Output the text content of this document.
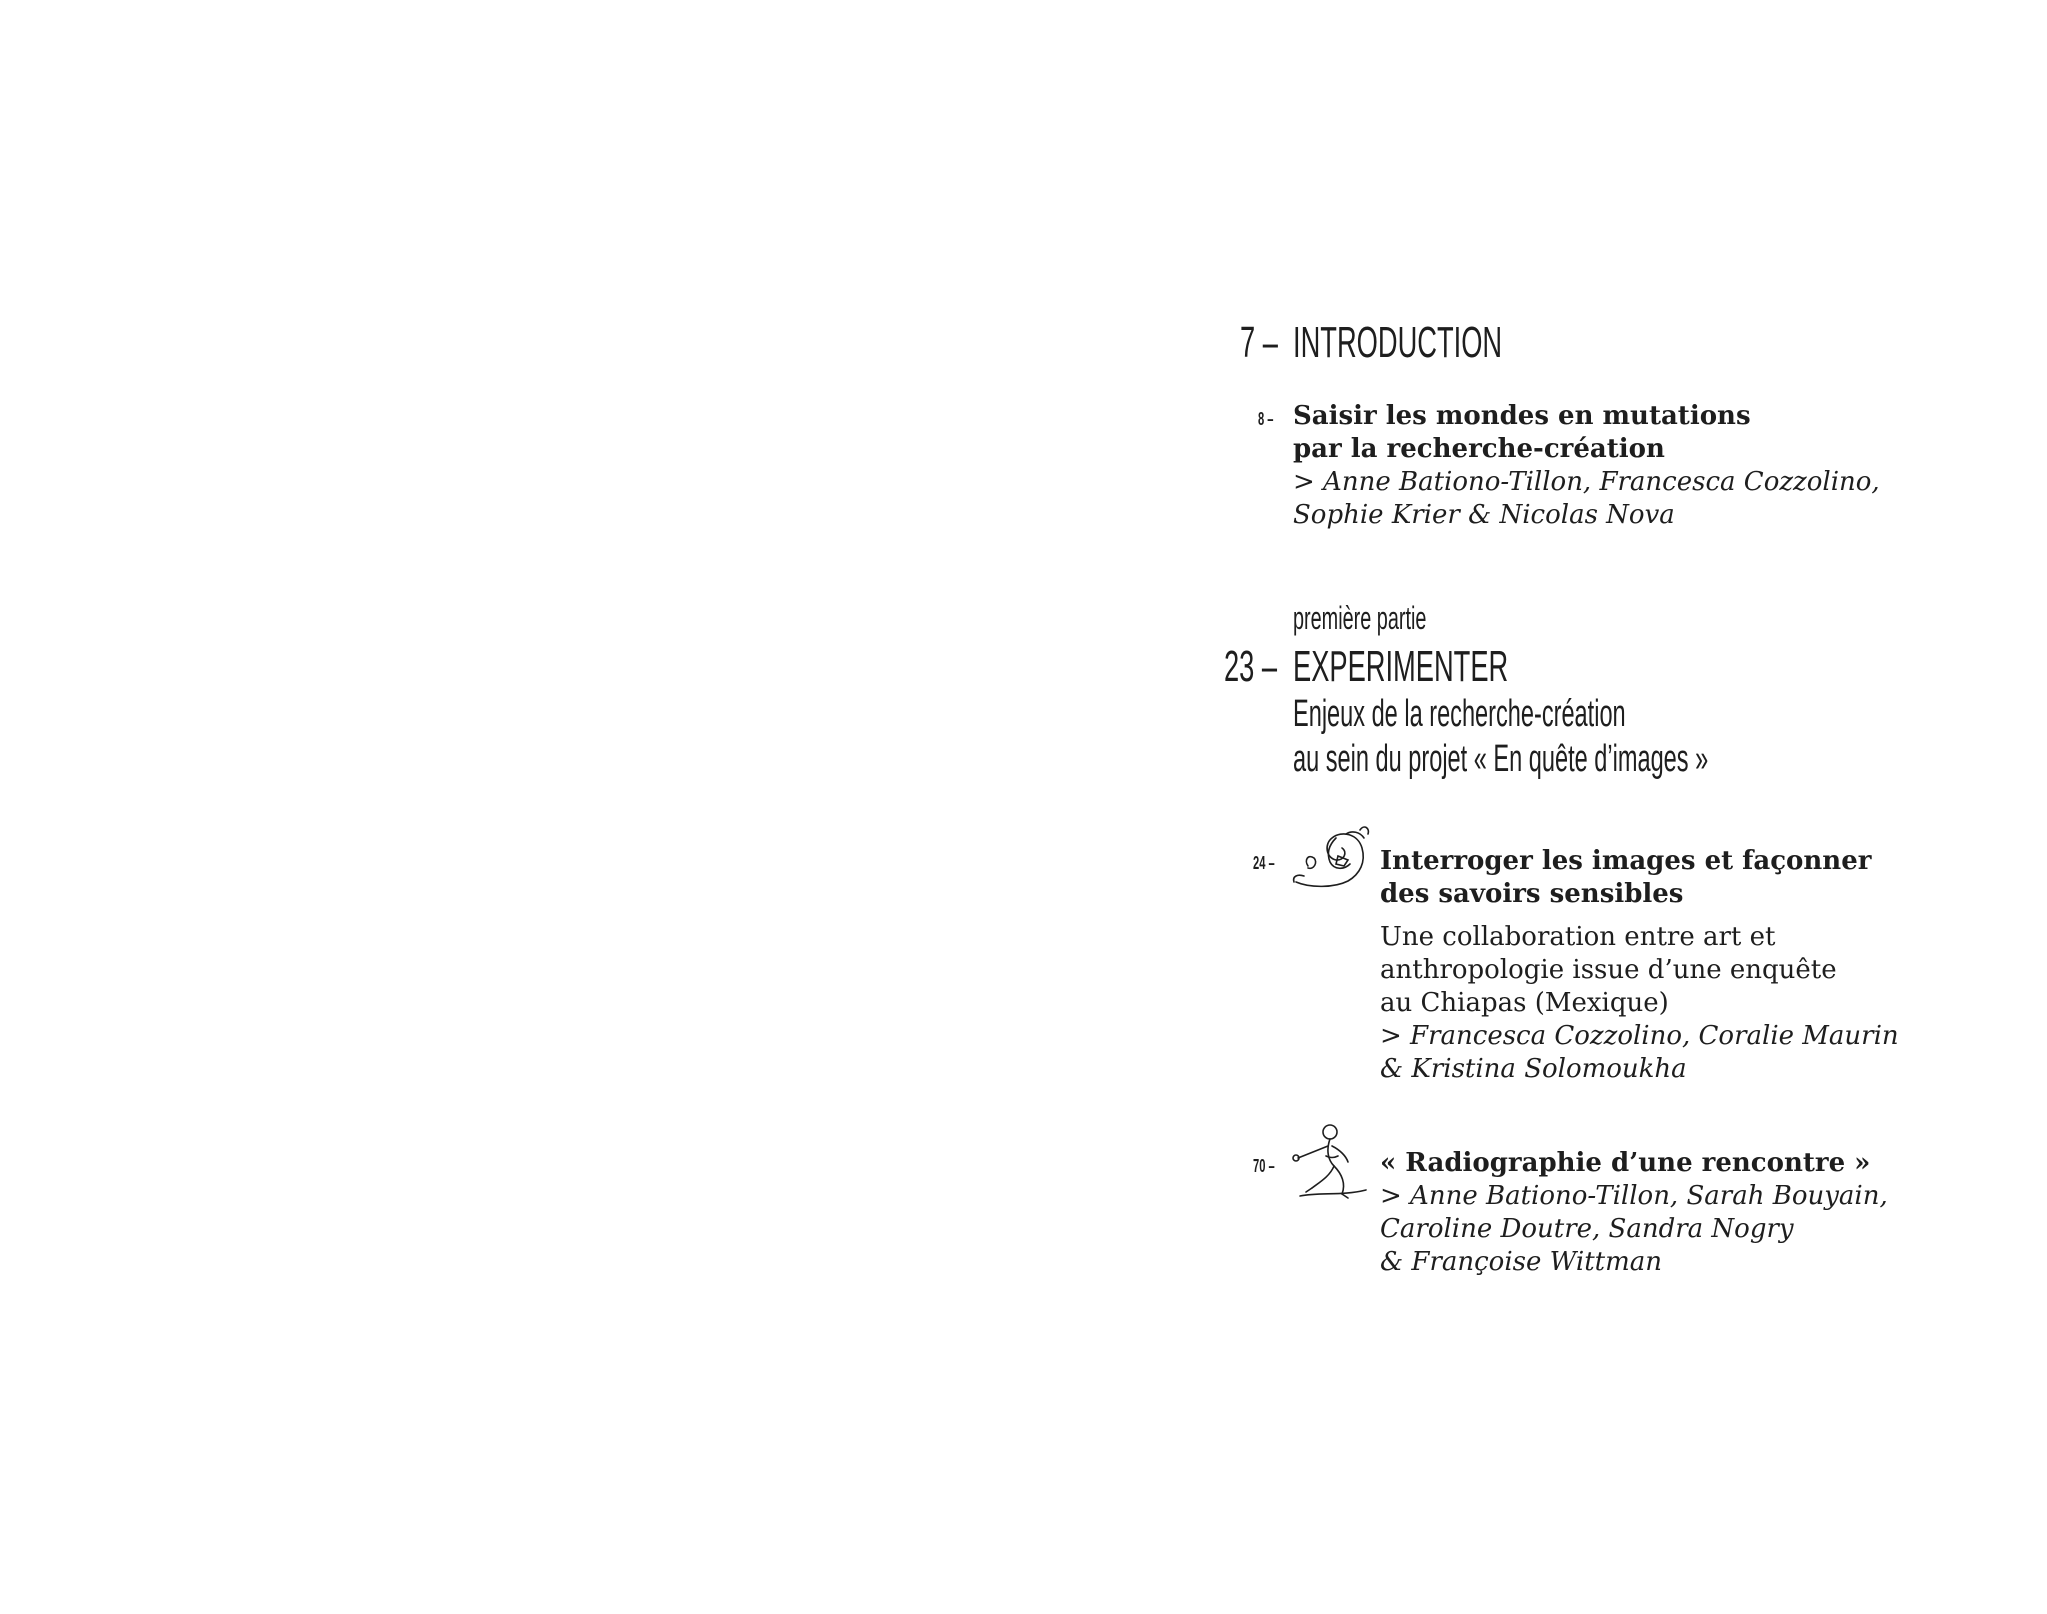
7 – INTRODUCTION
8 – Saisir les mondes en mutations
par la recherche-création
> Anne Bationo-Tillon, Francesca Cozzolino,
Sophie Krier & Nicolas Nova
première partie
23 – EXPERIMENTER
Enjeux de la recherche-création
au sein du projet « En quête d’images »
24 –	Interroger les images et façonner
des savoirs sensibles
Une collaboration entre art et
anthropologie issue d’une enquête
au Chiapas (Mexique)
> Francesca Cozzolino, Coralie Maurin
& Kristina Solomoukha
70 –	« Radiographie d’une rencontre »
> Anne Bationo-Tillon, Sarah Bouyain,
Caroline Doutre, Sandra Nogry
& Françoise Wittman
